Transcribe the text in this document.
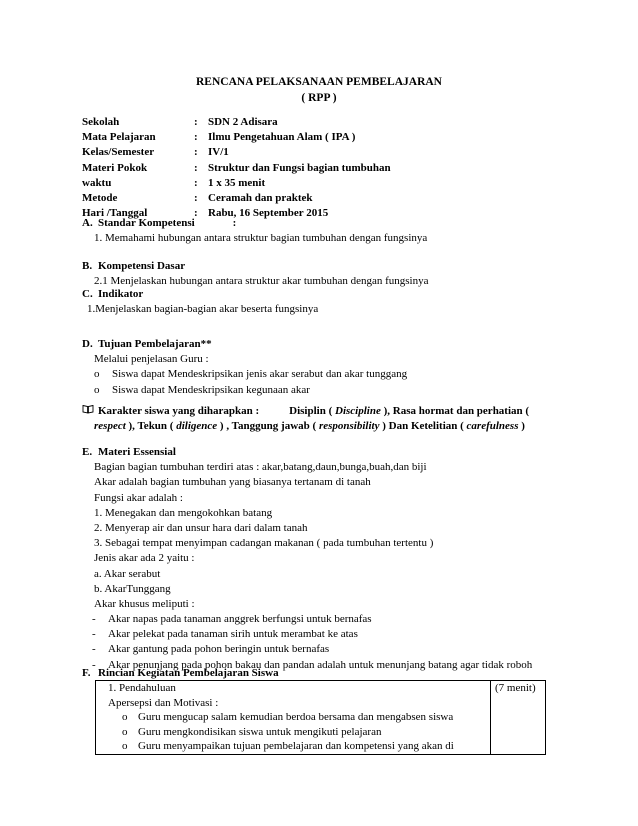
RENCANA PELAKSANAAN PEMBELAJARAN
( RPP )
Sekolah	: SDN 2 Adisara
Mata Pelajaran	: Ilmu Pengetahuan Alam ( IPA )
Kelas/Semester	: IV/1
Materi Pokok	: Struktur dan Fungsi bagian tumbuhan
waktu	: 1 x 35 menit
Metode	: Ceramah dan praktek
Hari /Tanggal	: Rabu, 16 September 2015
A. Standar Kompetensi	:
1. Memahami hubungan antara struktur bagian tumbuhan dengan fungsinya
B. Kompetensi Dasar
2.1 Menjelaskan hubungan antara struktur akar tumbuhan dengan fungsinya
C. Indikator
1.Menjelaskan bagian-bagian akar beserta fungsinya
D. Tujuan Pembelajaran**
Melalui penjelasan Guru :
o Siswa dapat Mendeskripsikan jenis akar serabut dan akar tunggang
o Siswa dapat Mendeskripsikan kegunaan akar
Karakter siswa yang diharapkan :	Disiplin ( Discipline ), Rasa hormat dan perhatian (
respect ), Tekun ( diligence ) , Tanggung jawab ( responsibility ) Dan Ketelitian ( carefulness )
E. Materi Essensial
Bagian bagian tumbuhan terdiri atas : akar,batang,daun,bunga,buah,dan biji
Akar adalah bagian tumbuhan yang biasanya tertanam di tanah
Fungsi akar adalah :
1. Menegakan dan mengokohkan batang
2. Menyerap air dan unsur hara dari dalam tanah
3. Sebagai tempat menyimpan cadangan makanan ( pada tumbuhan tertentu )
Jenis akar ada 2 yaitu :
a. Akar serabut
b. AkarTunggang
Akar khusus meliputi :
- Akar napas pada tanaman anggrek berfungsi untuk bernafas
- Akar pelekat pada tanaman sirih untuk merambat ke atas
- Akar gantung pada pohon beringin untuk bernafas
- Akar penunjang pada pohon bakau dan pandan adalah untuk menunjang batang agar tidak roboh
F. Rincian Kegiatan Pembelajaran Siswa
1. Pendahuluan
Apersepsi dan Motivasi :
o Guru mengucap salam kemudian berdoa bersama dan mengabsen siswa
o Guru mengkondisikan siswa untuk mengikuti pelajaran
o Guru menyampaikan tujuan pembelajaran dan kompetensi yang akan di
	(7 menit)
